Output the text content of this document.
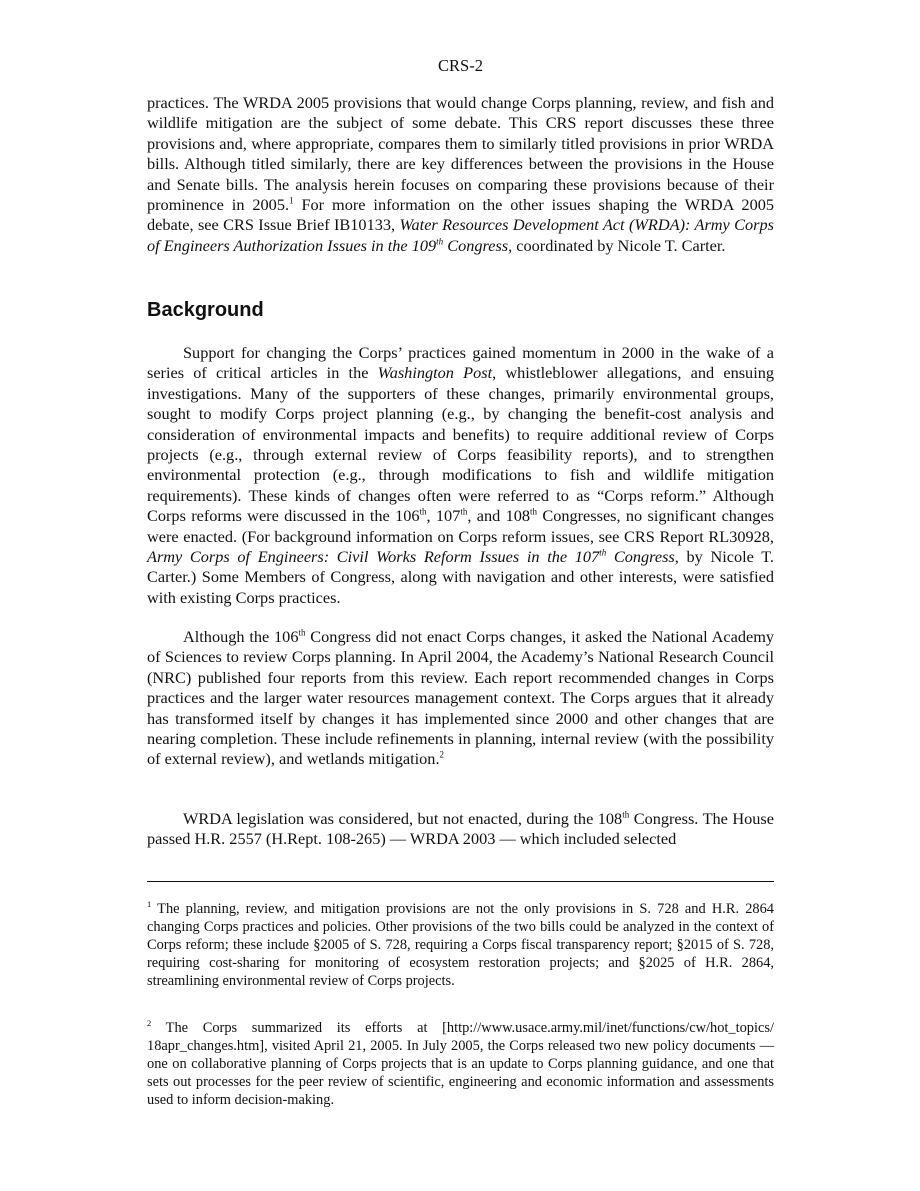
CRS-2

practices. The WRDA 2005 provisions that would change Corps planning, review, and fish and wildlife mitigation are the subject of some debate. This CRS report discusses these three provisions and, where appropriate, compares them to similarly titled provisions in prior WRDA bills. Although titled similarly, there are key differences between the provisions in the House and Senate bills. The analysis herein focuses on comparing these provisions because of their prominence in 2005.$^1$ For more information on the other issues shaping the WRDA 2005 debate, see CRS Issue Brief IB10133, Water Resources Development Act (WRDA): Army Corps of Engineers Authorization Issues in the 109th Congress, coordinated by Nicole T. Carter.

Background

Support for changing the Corps’ practices gained momentum in 2000 in the wake of a series of critical articles in the Washington Post, whistleblower allegations, and ensuing investigations. Many of the supporters of these changes, primarily environmental groups, sought to modify Corps project planning (e.g., by changing the benefit-cost analysis and consideration of environmental impacts and benefits) to require additional review of Corps projects (e.g., through external review of Corps feasibility reports), and to strengthen environmental protection (e.g., through modifications to fish and wildlife mitigation requirements). These kinds of changes often were referred to as “Corps reform.” Although Corps reforms were discussed in the 106th, 107th, and 108th Congresses, no significant changes were enacted. (For background information on Corps reform issues, see CRS Report RL30928, Army Corps of Engineers: Civil Works Reform Issues in the 107th Congress, by Nicole T. Carter.) Some Members of Congress, along with navigation and other interests, were satisfied with existing Corps practices.

Although the 106th Congress did not enact Corps changes, it asked the National Academy of Sciences to review Corps planning. In April 2004, the Academy’s National Research Council (NRC) published four reports from this review. Each report recommended changes in Corps practices and the larger water resources management context. The Corps argues that it already has transformed itself by changes it has implemented since 2000 and other changes that are nearing completion. These include refinements in planning, internal review (with the possibility of external review), and wetlands mitigation.$^2$

WRDA legislation was considered, but not enacted, during the 108th Congress. The House passed H.R. 2557 (H.Rept. 108-265) — WRDA 2003 — which included selected

$^1$ The planning, review, and mitigation provisions are not the only provisions in S. 728 and H.R. 2864 changing Corps practices and policies. Other provisions of the two bills could be analyzed in the context of Corps reform; these include §2005 of S. 728, requiring a Corps fiscal transparency report; §2015 of S. 728, requiring cost-sharing for monitoring of ecosystem restoration projects; and §2025 of H.R. 2864, streamlining environmental review of Corps projects.

$^2$ The Corps summarized its efforts at [http://www.usace.army.mil/inet/functions/cw/hot_topics/ 18apr_changes.htm], visited April 21, 2005. In July 2005, the Corps released two new policy documents — one on collaborative planning of Corps projects that is an update to Corps planning guidance, and one that sets out processes for the peer review of scientific, engineering and economic information and assessments used to inform decision-making.
